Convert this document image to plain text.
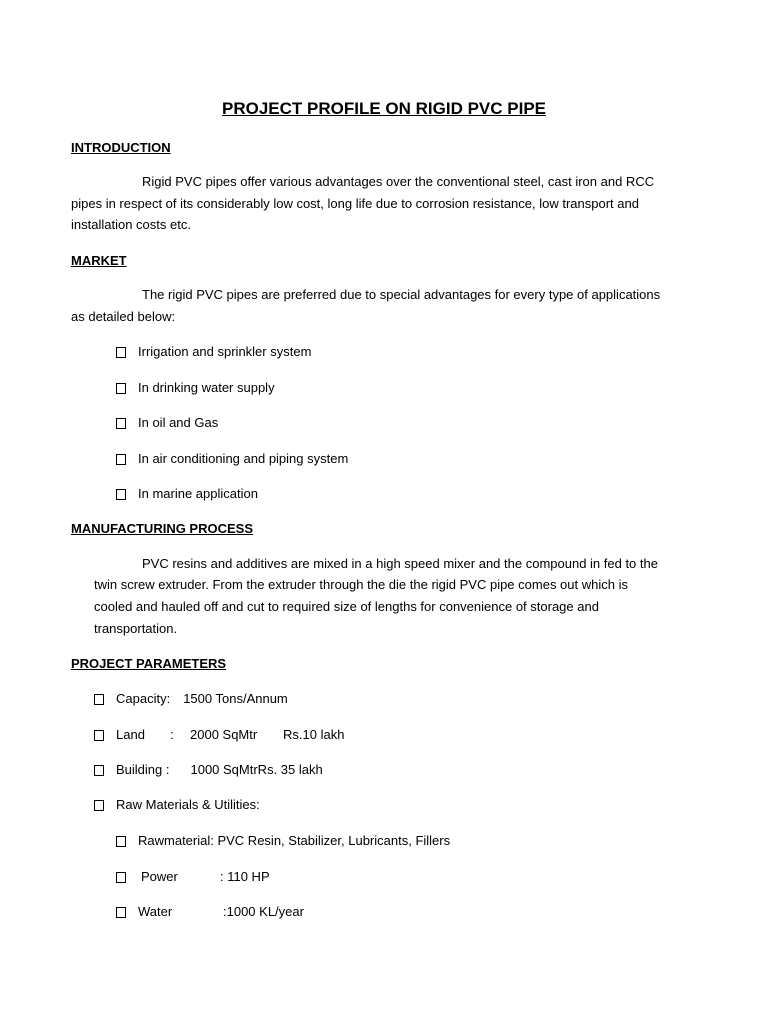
PROJECT PROFILE ON RIGID PVC PIPE
INTRODUCTION
Rigid PVC pipes offer various advantages over the conventional steel, cast iron and RCC
pipes in respect of its considerably low cost, long life due to corrosion resistance, low transport and
installation costs etc.
MARKET
The rigid PVC pipes are preferred due to special advantages for every type of applications
as detailed below:
Irrigation and sprinkler system
In drinking water supply
In oil and Gas
In air conditioning and piping system
In marine application
MANUFACTURING PROCESS
PVC resins and additives are mixed in a high speed mixer and the compound in fed to the
twin screw extruder. From the extruder through the die the rigid PVC pipe comes out which is
cooled and hauled off and cut to required size of lengths for convenience of storage and
transportation.
PROJECT PARAMETERS
Capacity: 1500 Tons/Annum
Land	:	2000 SqMtr	Rs.10 lakh
Building : 1000 SqMtrRs. 35 lakh
Raw Materials & Utilities:
Rawmaterial: PVC Resin, Stabilizer, Lubricants, Fillers
Power	: 110 HP
Water	:1000 KL/year
